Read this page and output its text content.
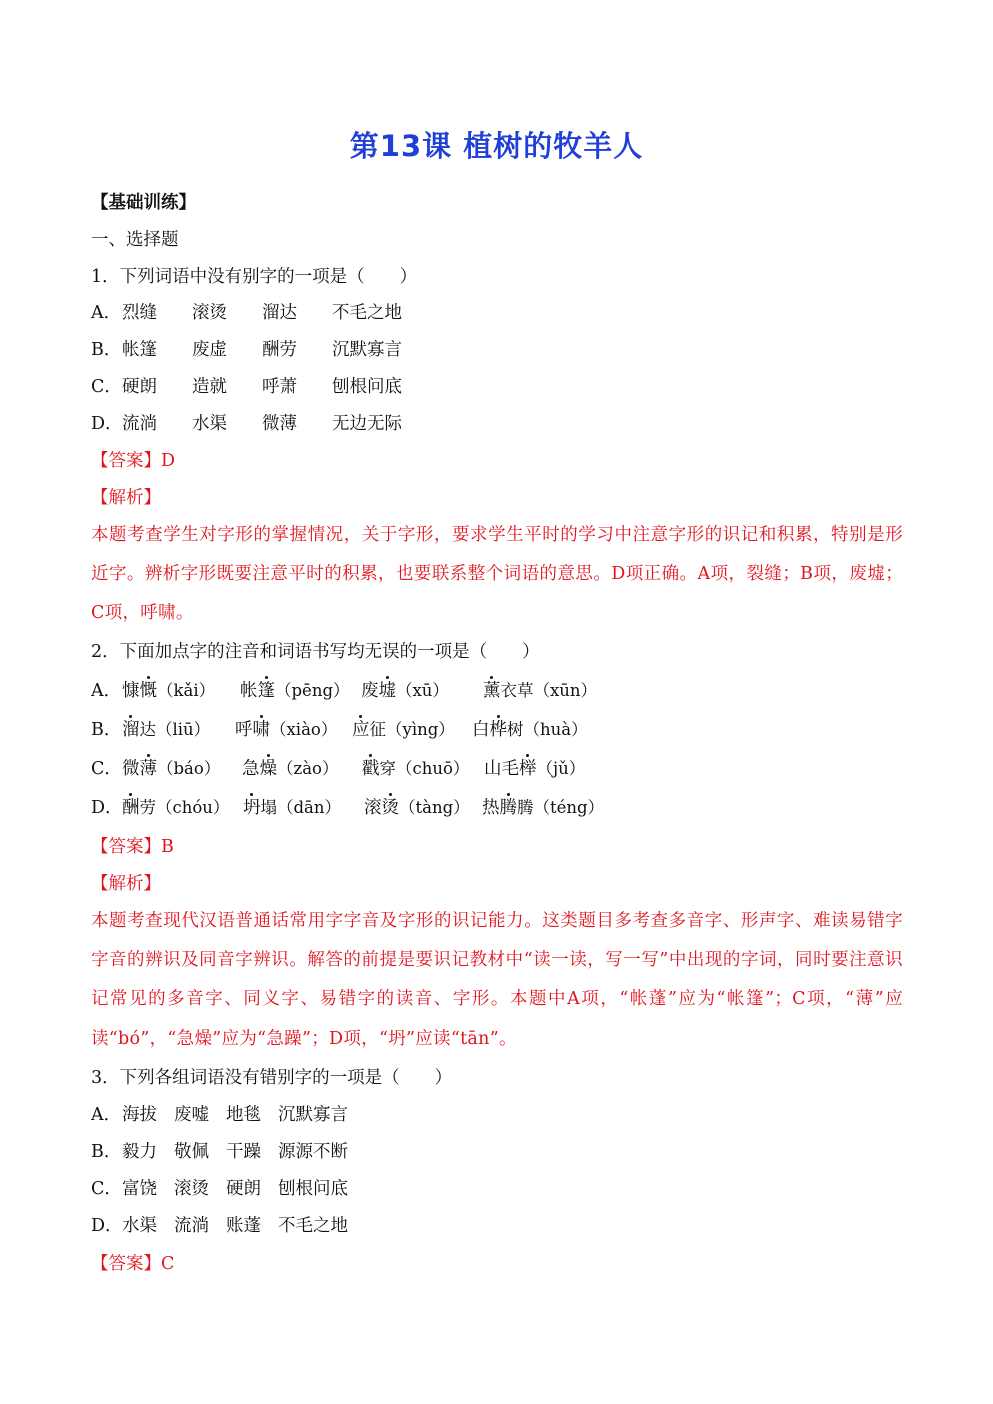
第13课 植树的牧羊人
【基础训练】
一、选择题
1．下列词语中没有别字的一项是（　　）
A． 烈缝 滚烫 溜达 不毛之地
B． 帐篷 废虚 酬劳 沉默寡言
C． 硬朗 造就 呼萧 刨根问底
D． 流淌 水渠 微薄 无边无际
【答案】D
【解析】
本题考查学生对字形的掌握情况，关于字形，要求学生平时的学习中注意字形的识记和积累，特别是形近字。辨析字形既要注意平时的积累，也要联系整个词语的意思。D项正确。A项，裂缝；B项，废墟；C项，呼啸。
2．下面加点字的注音和词语书写均无误的一项是（　　）
A． 慷慨（kǎi） 帐篷（pēng） 废墟（xū） 薰衣草（xūn）
B． 溜达（liū） 呼啸（xiào） 应征（yìng） 白桦树（huà）
C． 微薄（báo） 急燥（zào） 戳穿（chuō） 山毛榉（jǔ）
D． 酬劳（chóu） 坍塌（dān） 滚烫（tàng） 热腾腾（téng）
【答案】B
【解析】
本题考查现代汉语普通话常用字字音及字形的识记能力。这类题目多考查多音字、形声字、难读易错字字音的辨识及同音字辨识。解答的前提是要识记教材中“读一读，写一写”中出现的字词，同时要注意识记常见的多音字、同义字、易错字的读音、字形。本题中A项，“帐蓬”应为“帐篷”；C项，“薄”应读“bó”，“急燥”应为“急躁”；D项，“坍”应读“tān”。
3．下列各组词语没有错别字的一项是（　　）
A． 海拔 废嘘 地毯 沉默寡言
B． 毅力 敬佩 干躁 源源不断
C． 富饶 滚烫 硬朗 刨根问底
D． 水渠 流淌 账蓬 不毛之地
【答案】C
